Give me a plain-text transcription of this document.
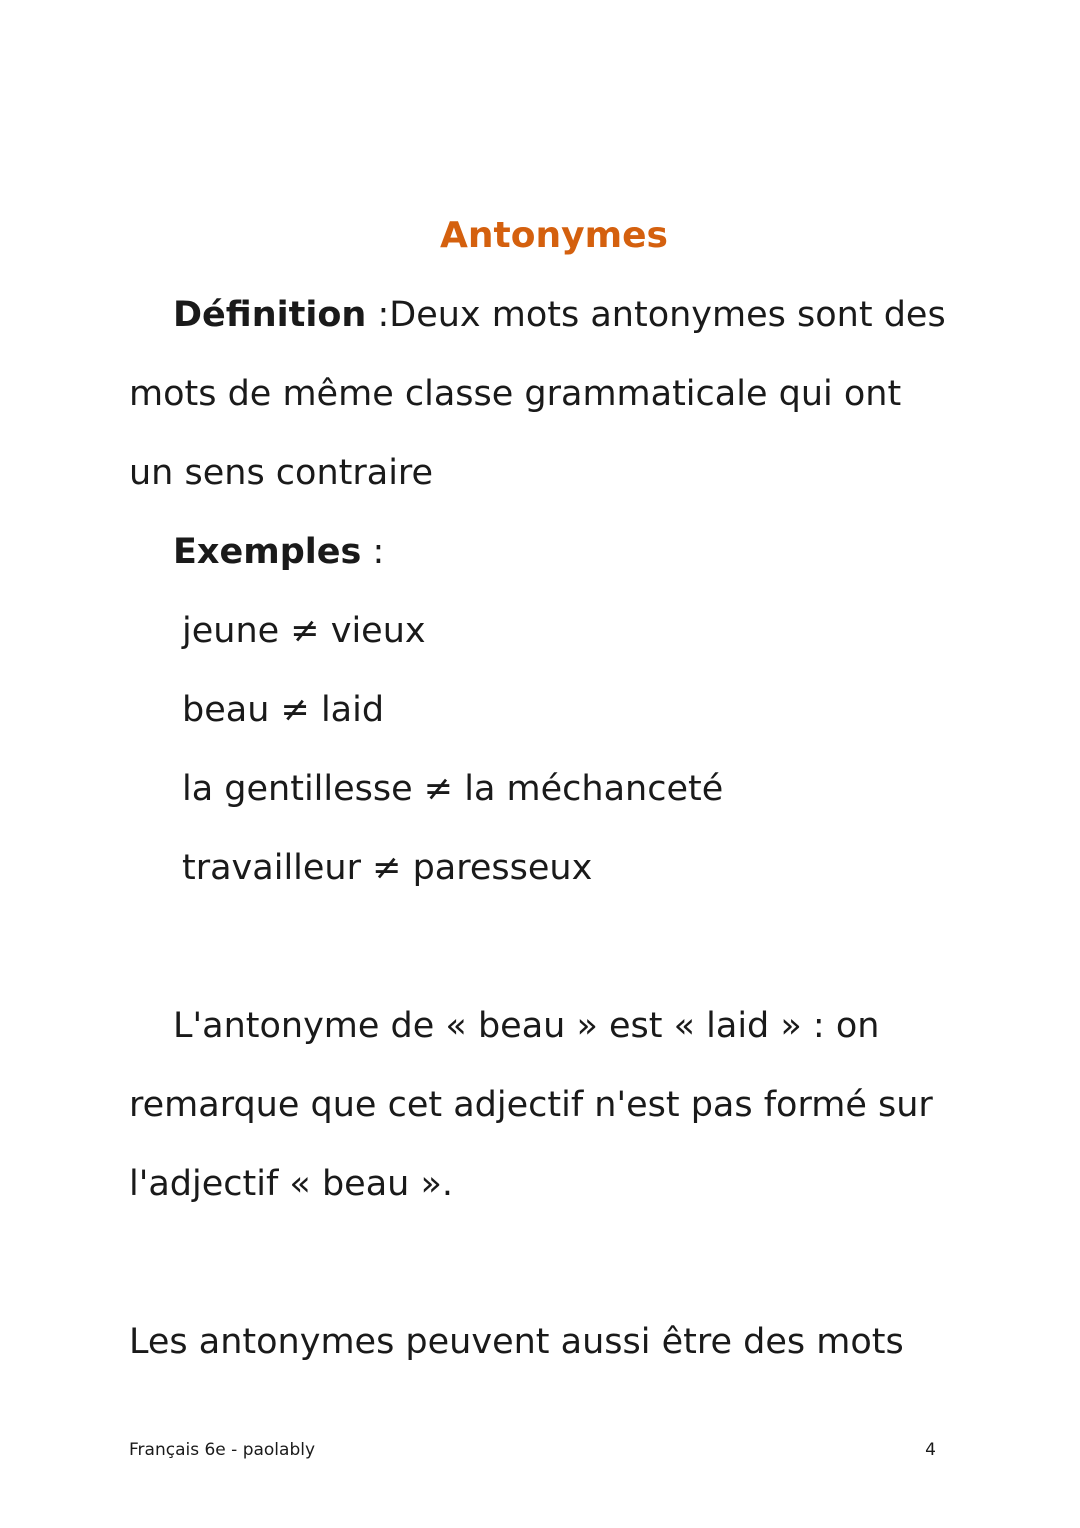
Antonymes
Définition :Deux mots antonymes sont des
mots de même classe grammaticale qui ont
un sens contraire
Exemples :
jeune ≠ vieux
beau ≠ laid
la gentillesse ≠ la méchanceté
travailleur ≠ paresseux
L'antonyme de « beau » est « laid » : on
remarque que cet adjectif n'est pas formé sur
l'adjectif « beau ».
Les antonymes peuvent aussi être des mots
Français 6e - paolably	4
